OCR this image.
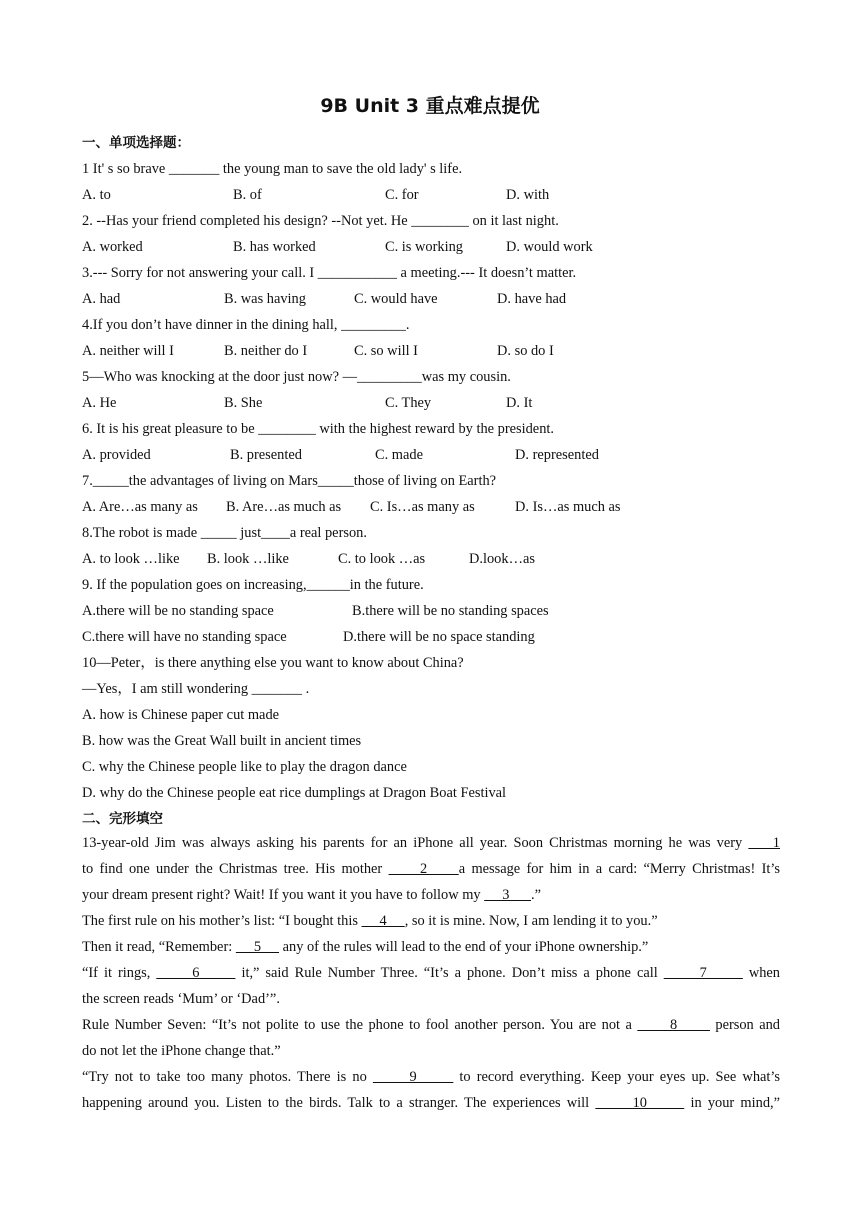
9B Unit 3 重点难点提优
一、单项选择题：
1 It' s so brave _______ the young man to save the old lady' s life.
A. to	B. of	C. for	D. with
2. --Has your friend completed his design? --Not yet. He ________ on it last night.
A. worked	B. has worked	C. is working	D. would work
3.--- Sorry for not answering your call. I ___________ a meeting.--- It doesn’t matter.
A. had	B. was having	C. would have	D. have had
4.If you don’t have dinner in the dining hall, _________.
A. neither will I	B. neither do I	C. so will I	D. so do I
5—Who was knocking at the door just now? —_________was my cousin.
A. He	B. She	C. They	D. It
6. It is his great pleasure to be ________ with the highest reward by the president.
A. provided	B. presented	C. made	D. represented
7._____the advantages of living on Mars_____those of living on Earth?
A. Are…as many as B. Are…as much as C. Is…as many as	D. Is…as much as
8.The robot is made _____ just____a real person.
A. to look …like B. look …like	C. to look …as	D.look…as
9. If the population goes on increasing,______in the future.
A.there will be no standing space	B.there will be no standing spaces
C.there will have no standing space	D.there will be no space standing
10—Peter，is there anything else you want to know about China?
—Yes，I am still wondering _______ .
A. how is Chinese paper cut made
B. how was the Great Wall built in ancient times
C. why the Chinese people like to play the dragon dance
D. why do the Chinese people eat rice dumplings at Dragon Boat Festival
二、完形填空
13-year-old Jim was always asking his parents for an iPhone all year. Soon Christmas morning he was very     1
to find one under the Christmas tree. His mother      2     a message for him in a card: “Merry Christmas! It’s
your dream present right? Wait! If you want it you have to follow my      3      .”
The first rule on his mother’s list: “I bought this      4     , so it is mine. Now, I am lending it to you.”
Then it read, “Remember:      5      any of the rules will lead to the end of your iPhone ownership.”
“If it rings,       6       it,” said Rule Number Three. “It’s a phone. Don’t miss a phone call       7       when
the screen reads ‘Mum’ or ‘Dad’”.
Rule Number Seven: “It’s not polite to use the phone to fool another person. You are not a       8       person and
do not let the iPhone change that.”
“Try not to take too many photos. There is no       9       to record everything. Keep your eyes up. See what’s
happening around you. Listen to the birds. Talk to a stranger. The experiences will       10       in your mind,”
